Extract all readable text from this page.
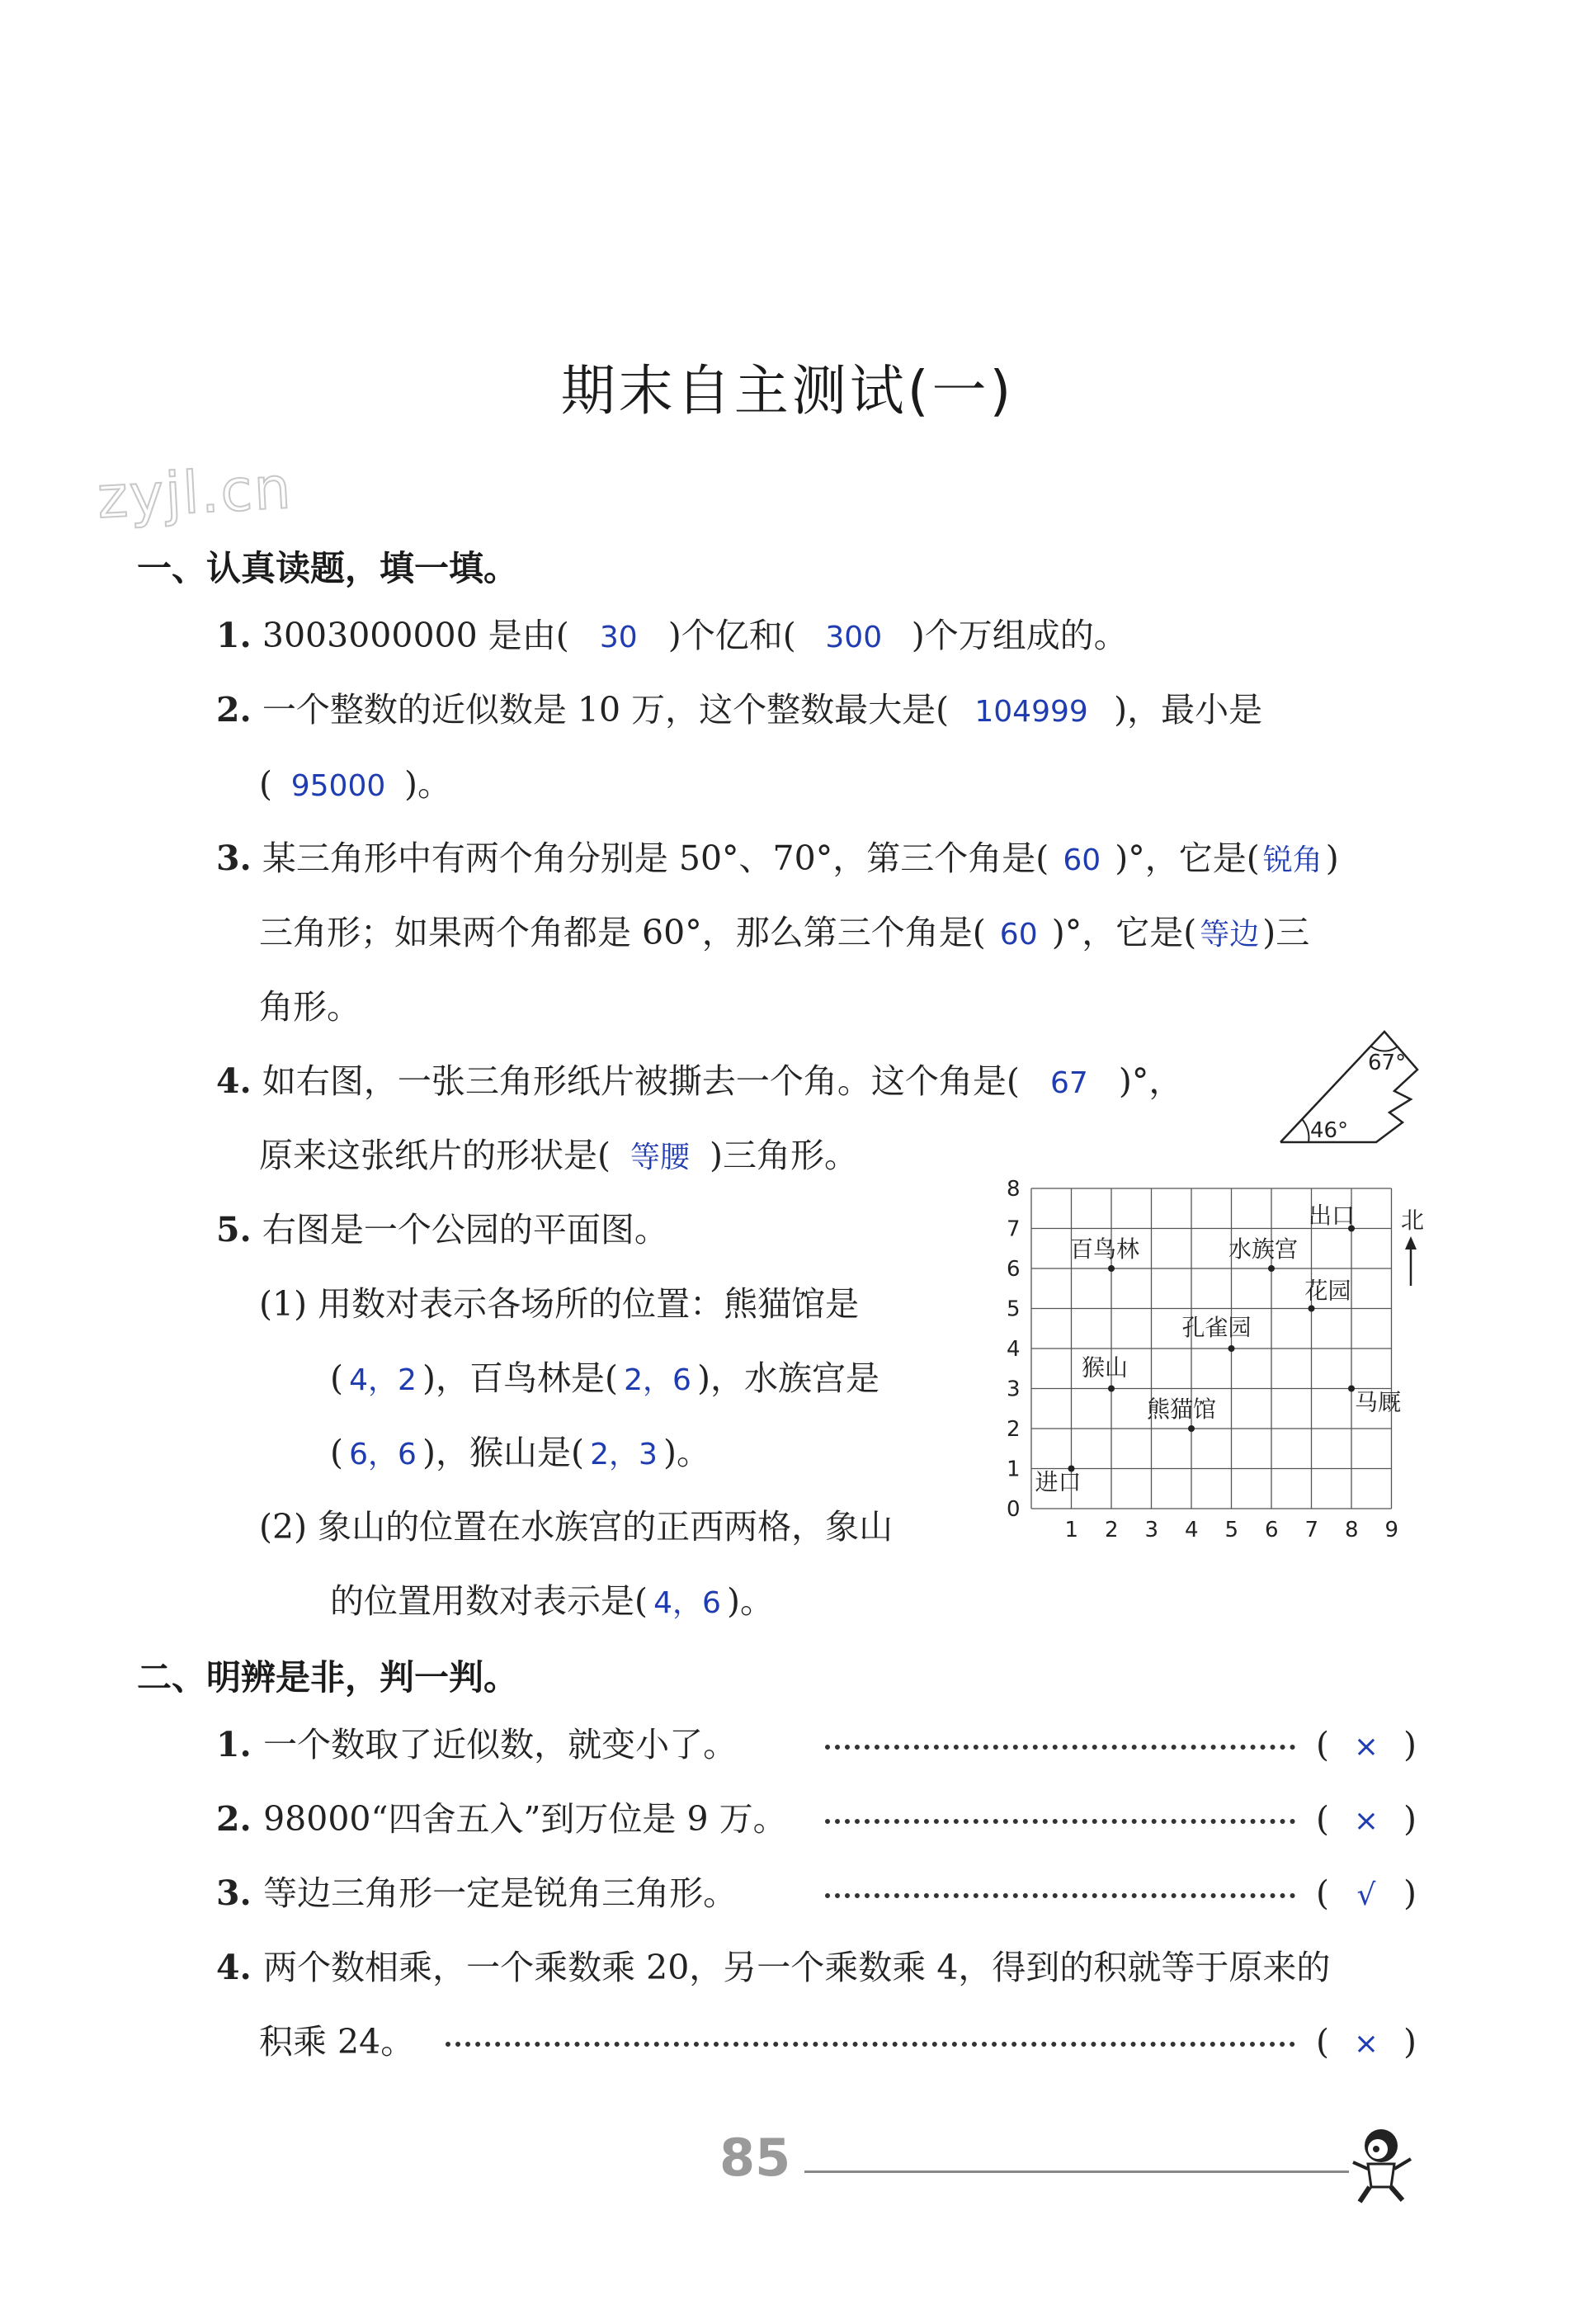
zyjl.cn
期末自主测试(一)
一、认真读题，填一填。
1. 3003000000 是由( 30 )个亿和( 300 )个万组成的。
2. 一个整数的近似数是 10 万，这个整数最大是( 104999 )，最小是
( 95000 )。
3. 某三角形中有两个角分别是 50°、70°，第三个角是( 60 )°，它是( 锐角)
三角形；如果两个角都是 60°，那么第三个角是( 60 )°，它是( 等边)三
角形。
4. 如右图，一张三角形纸片被撕去一个角。这个角是( 67 )°，
原来这张纸片的形状是( 等腰 )三角形。
67°
46°
5. 右图是一个公园的平面图。
(1) 用数对表示各场所的位置：熊猫馆是
( 4，2 )，百鸟林是( 2，6 )，水族宫是
( 6，6 )，猴山是( 2，3 )。
(2) 象山的位置在水族宫的正西两格，象山
的位置用数对表示是( 4，6 )。
1 2 3 4 5 6 7 8 9
0
1
2
3
4
5
6
7
8
进口
百鸟林
猴山
熊猫馆
孔雀园
水族宫
花园
出口
马厩
北
二、明辨是非，判一判。
1. 一个数取了近似数，就变小了。	( × )
2. 98000“四舍五入”到万位是 9 万。	( × )
3. 等边三角形一定是锐角三角形。	( √ )
4. 两个数相乘，一个乘数乘 20，另一个乘数乘 4，得到的积就等于原来的
积乘 24。	( × )
85
